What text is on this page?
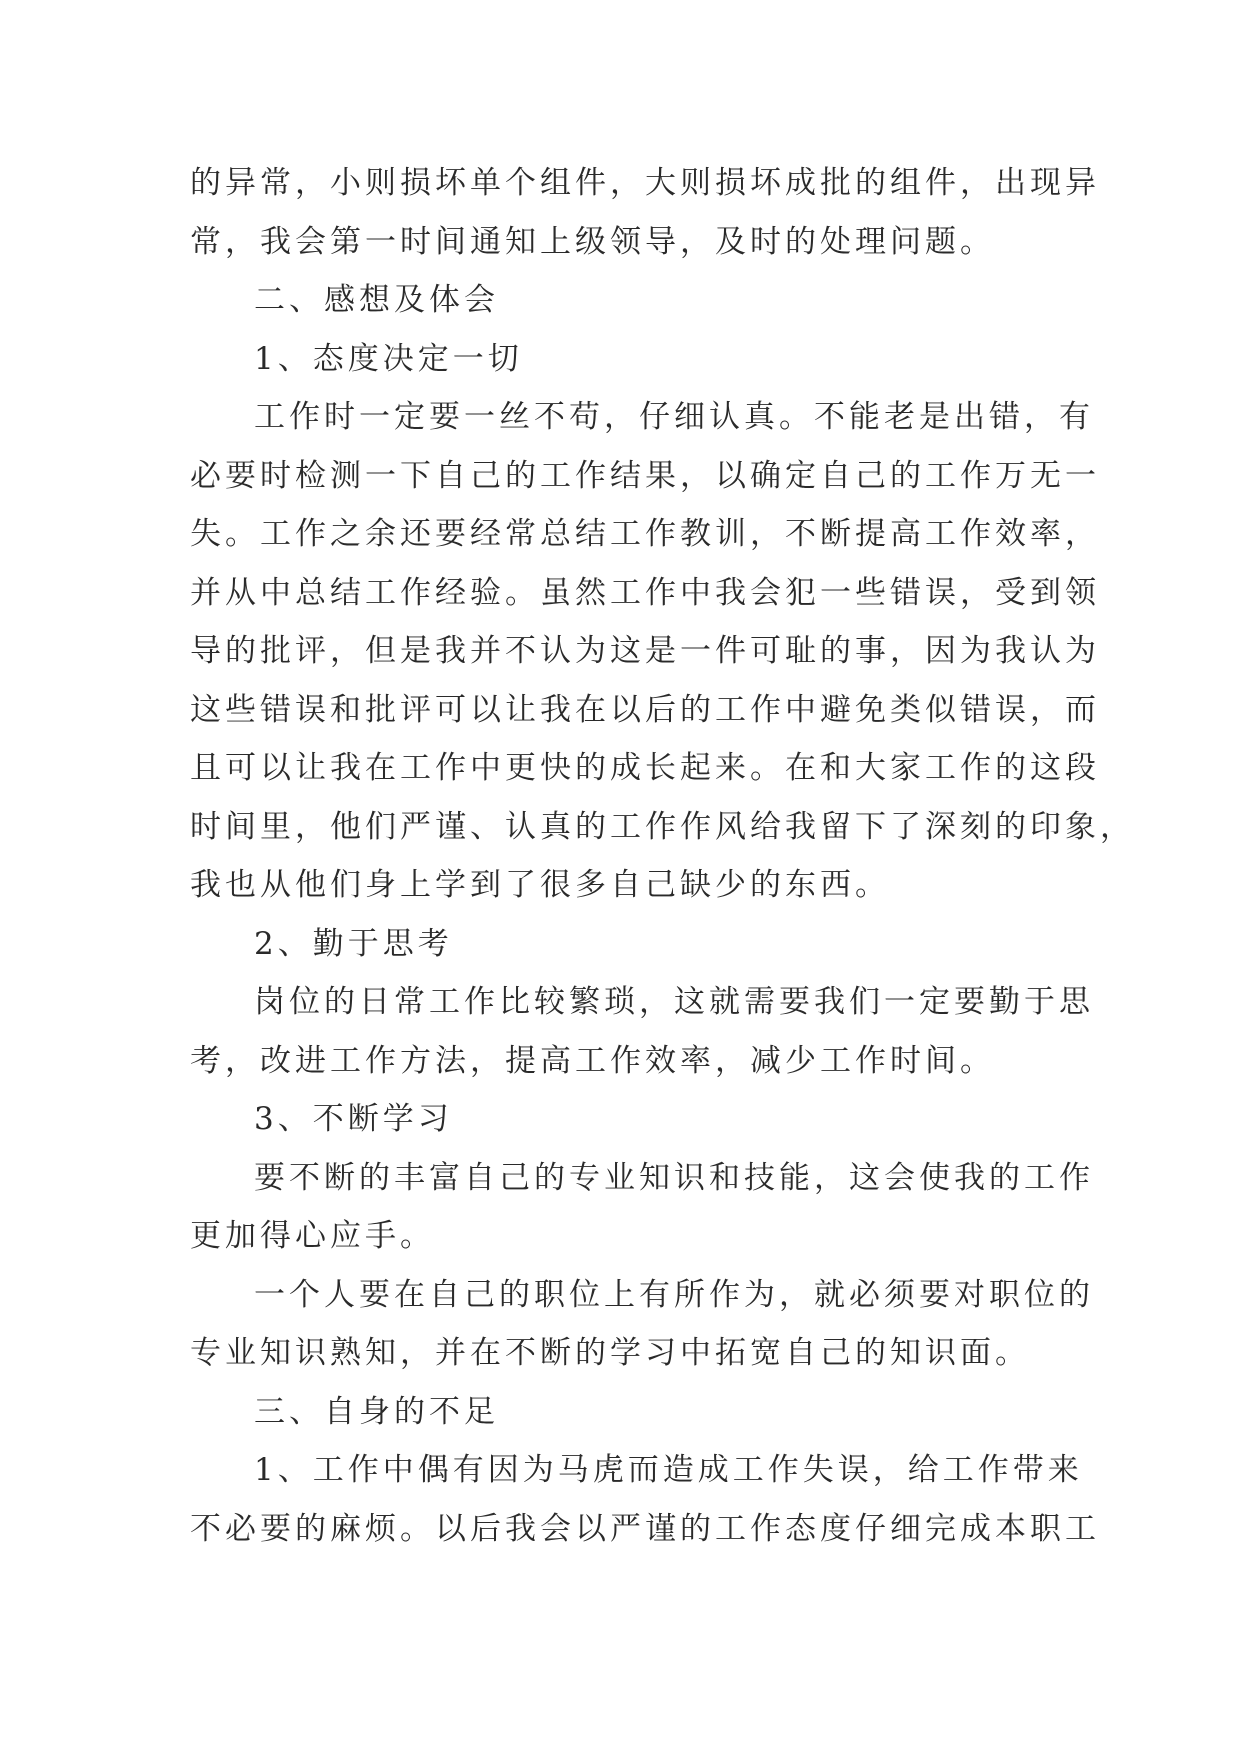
的异常，小则损坏单个组件，大则损坏成批的组件，出现异
常，我会第一时间通知上级领导，及时的处理问题。
二、感想及体会
1、态度决定一切
工作时一定要一丝不苟，仔细认真。不能老是出错，有
必要时检测一下自己的工作结果，以确定自己的工作万无一
失。工作之余还要经常总结工作教训，不断提高工作效率，
并从中总结工作经验。虽然工作中我会犯一些错误，受到领
导的批评，但是我并不认为这是一件可耻的事，因为我认为
这些错误和批评可以让我在以后的工作中避免类似错误，而
且可以让我在工作中更快的成长起来。在和大家工作的这段
时间里，他们严谨、认真的工作作风给我留下了深刻的印象，
我也从他们身上学到了很多自己缺少的东西。
2、勤于思考
岗位的日常工作比较繁琐，这就需要我们一定要勤于思
考，改进工作方法，提高工作效率，减少工作时间。
3、不断学习
要不断的丰富自己的专业知识和技能，这会使我的工作
更加得心应手。
一个人要在自己的职位上有所作为，就必须要对职位的
专业知识熟知，并在不断的学习中拓宽自己的知识面。
三、自身的不足
1、工作中偶有因为马虎而造成工作失误，给工作带来
不必要的麻烦。以后我会以严谨的工作态度仔细完成本职工
